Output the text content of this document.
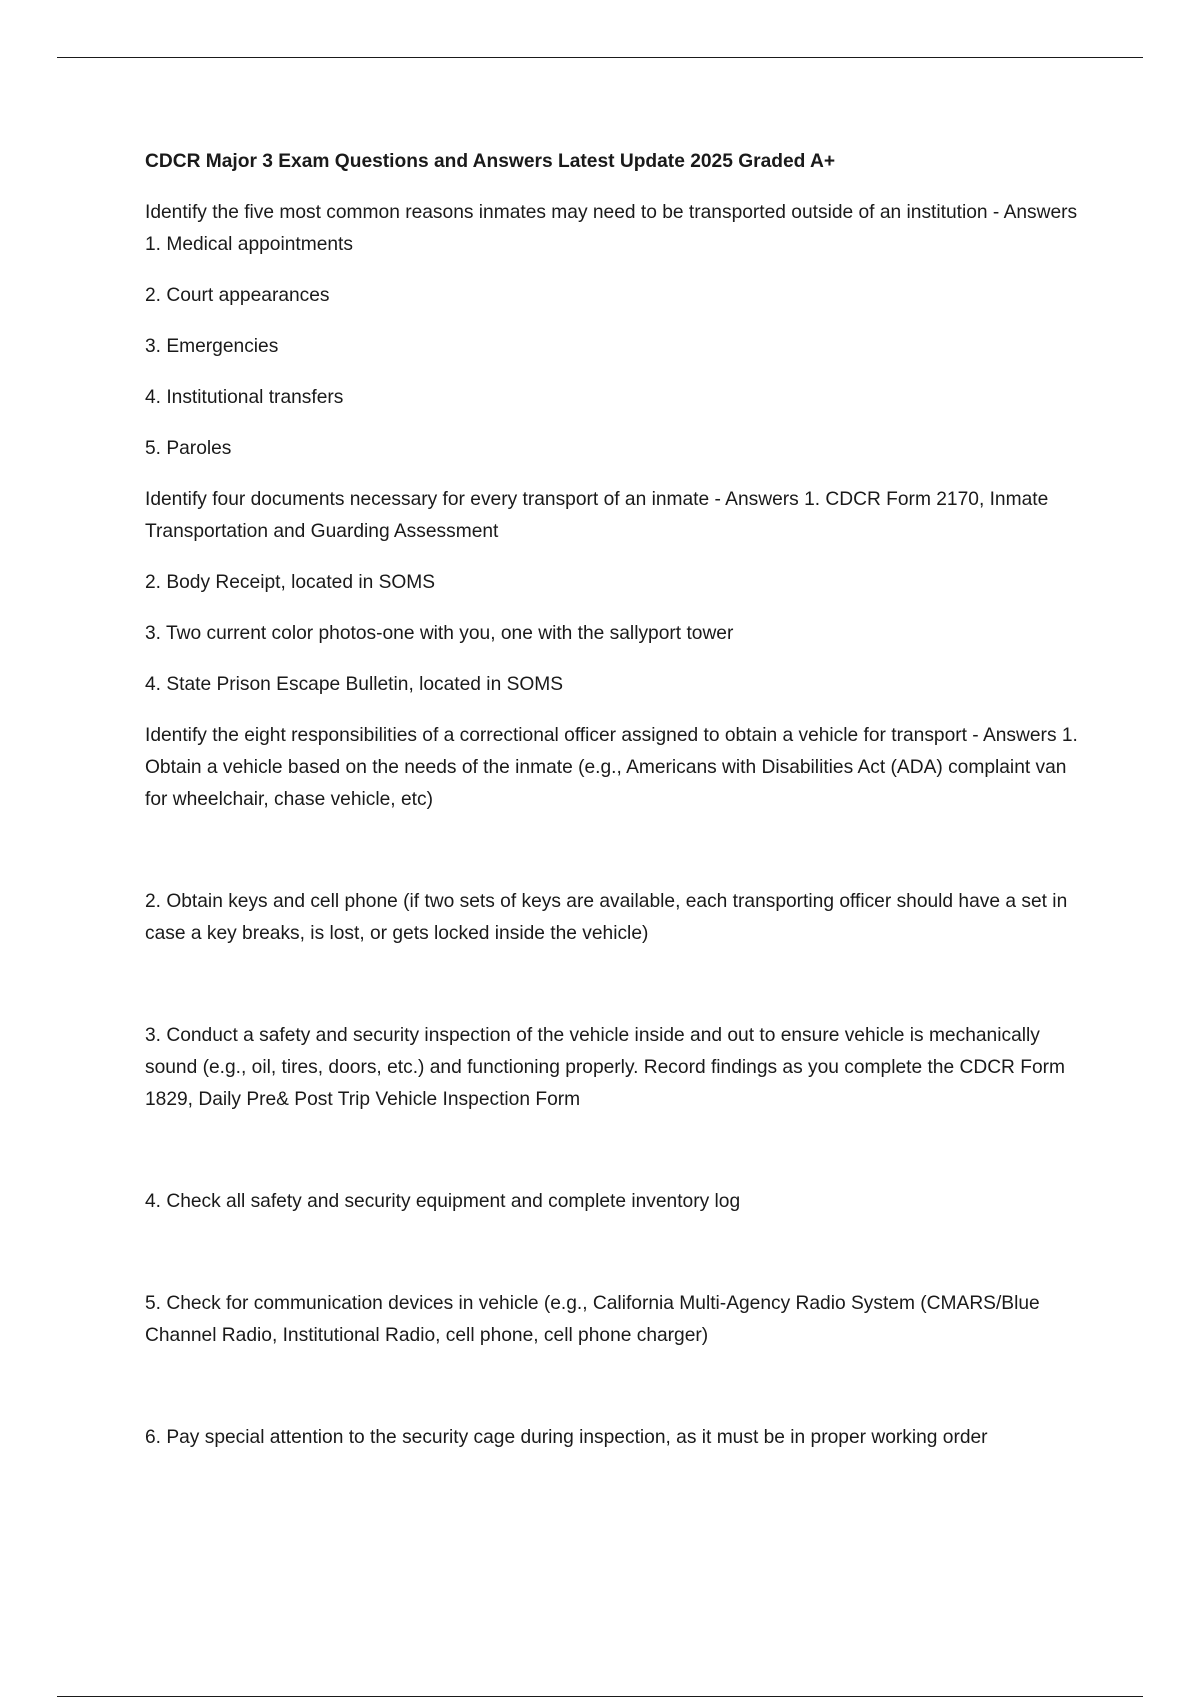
CDCR Major 3 Exam Questions and Answers Latest Update 2025 Graded A+

Identify the five most common reasons inmates may need to be transported outside of an institution - Answers 1. Medical appointments

2. Court appearances

3. Emergencies

4. Institutional transfers

5. Paroles

Identify four documents necessary for every transport of an inmate - Answers 1. CDCR Form 2170, Inmate Transportation and Guarding Assessment

2. Body Receipt, located in SOMS

3. Two current color photos-one with you, one with the sallyport tower

4. State Prison Escape Bulletin, located in SOMS

Identify the eight responsibilities of a correctional officer assigned to obtain a vehicle for transport - Answers 1. Obtain a vehicle based on the needs of the inmate (e.g., Americans with Disabilities Act (ADA) complaint van for wheelchair, chase vehicle, etc)

2. Obtain keys and cell phone (if two sets of keys are available, each transporting officer should have a set in case a key breaks, is lost, or gets locked inside the vehicle)

3. Conduct a safety and security inspection of the vehicle inside and out to ensure vehicle is mechanically sound (e.g., oil, tires, doors, etc.) and functioning properly. Record findings as you complete the CDCR Form 1829, Daily Pre& Post Trip Vehicle Inspection Form

4. Check all safety and security equipment and complete inventory log

5. Check for communication devices in vehicle (e.g., California Multi-Agency Radio System (CMARS/Blue Channel Radio, Institutional Radio, cell phone, cell phone charger)

6. Pay special attention to the security cage during inspection, as it must be in proper working order
